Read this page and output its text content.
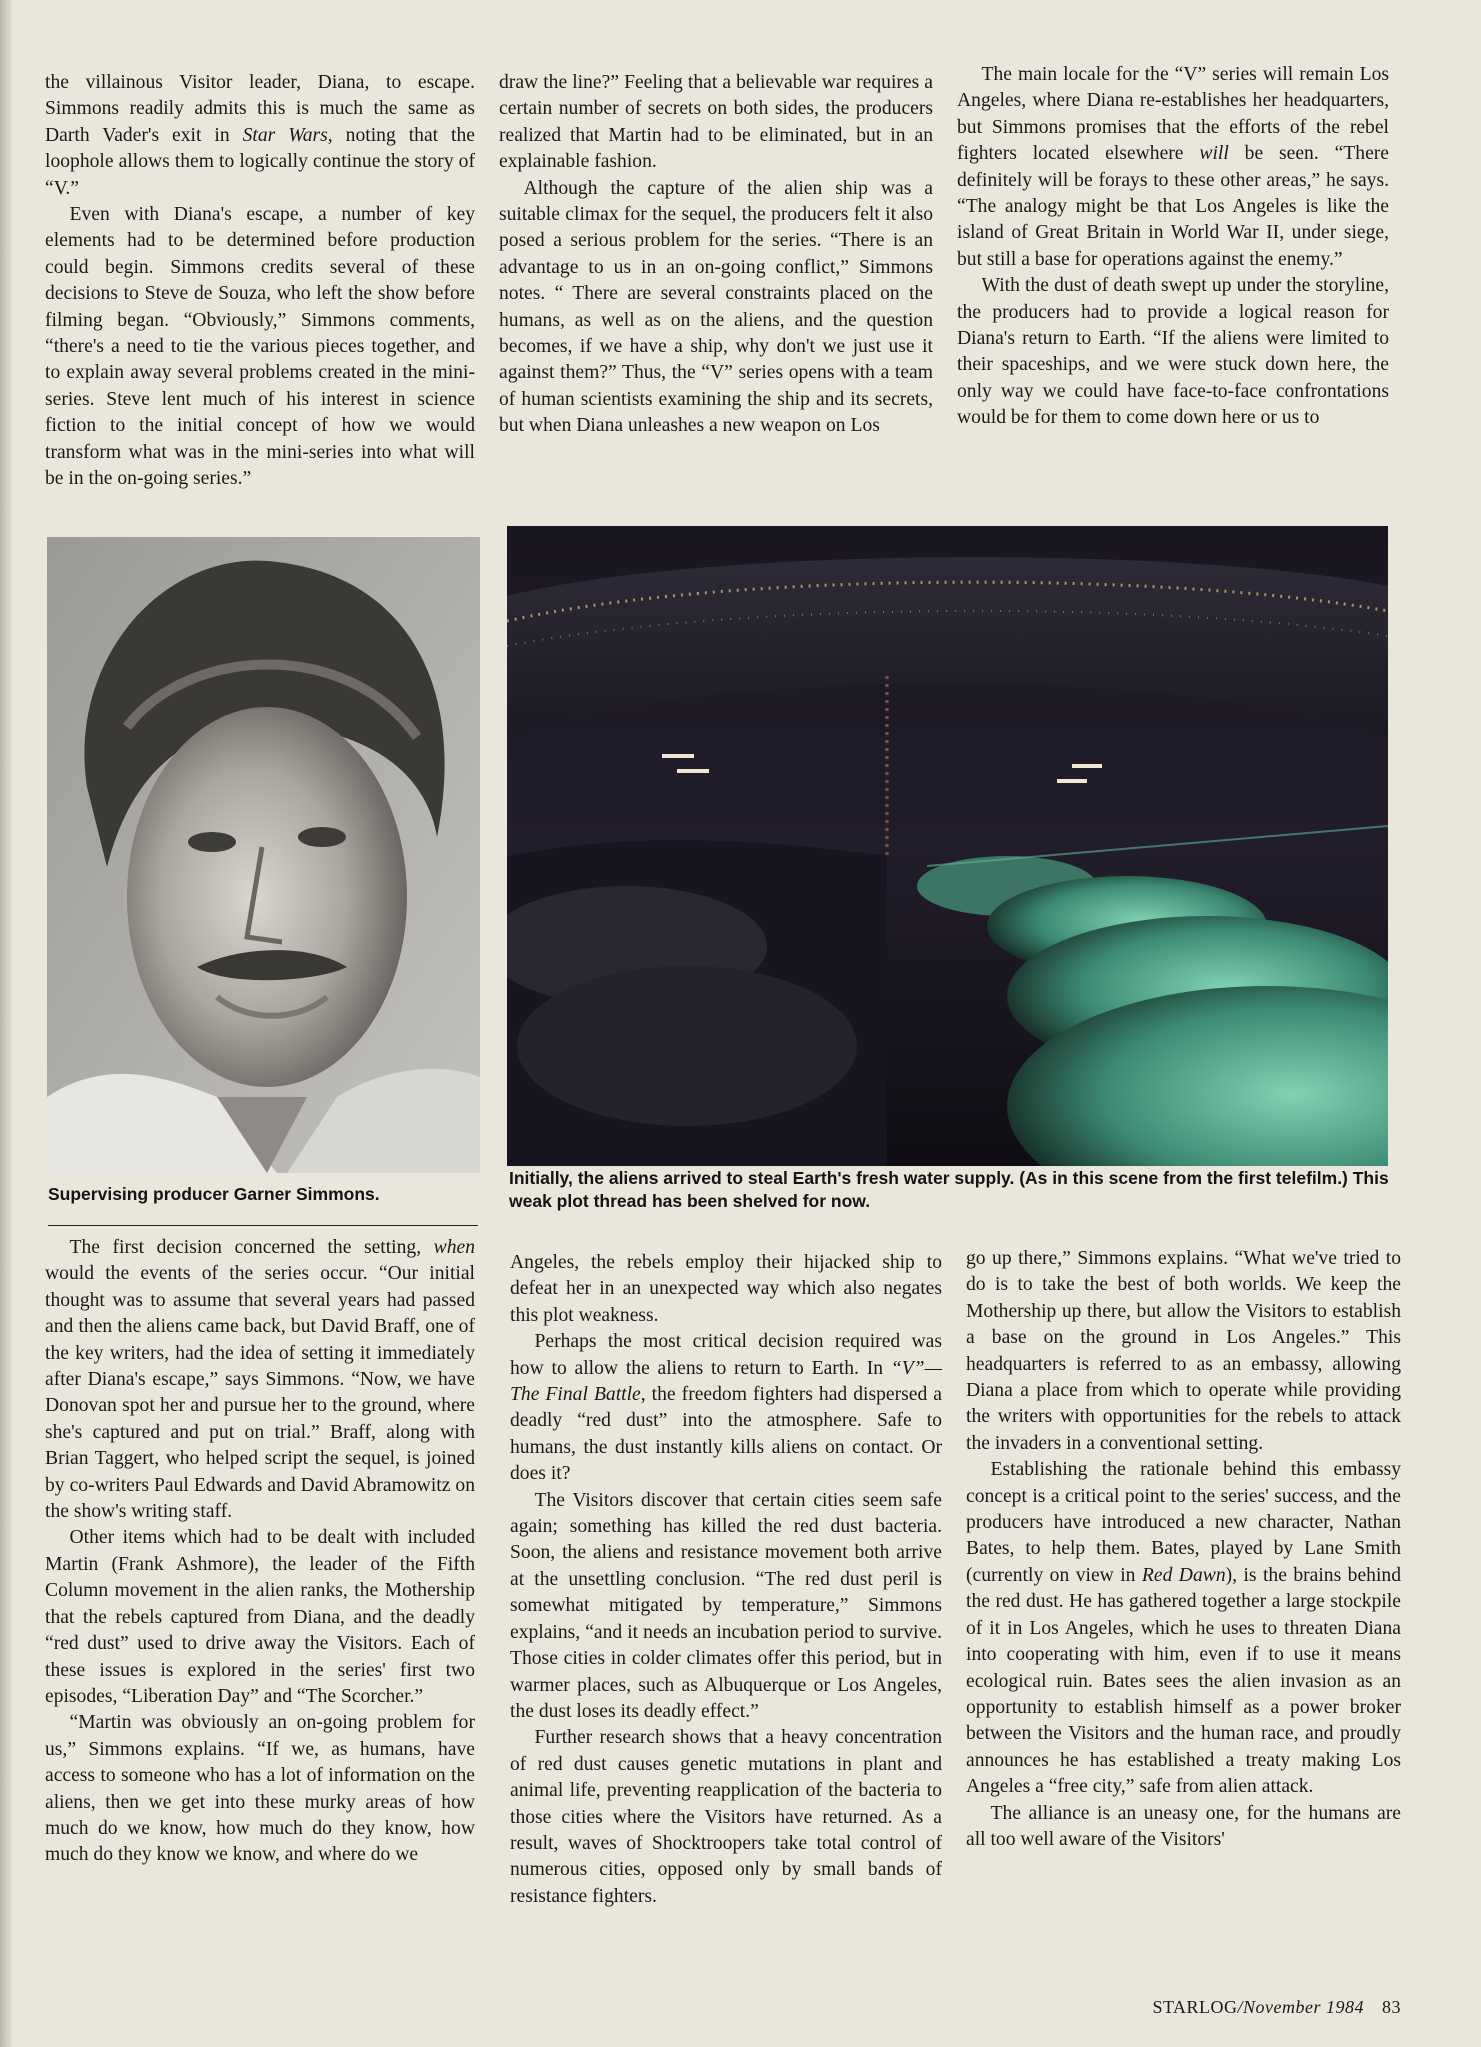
the villainous Visitor leader, Diana, to escape. Simmons readily admits this is much the same as Darth Vader's exit in Star Wars, noting that the loophole allows them to logically continue the story of “V.”

Even with Diana's escape, a number of key elements had to be determined before production could begin. Simmons credits several of these decisions to Steve de Souza, who left the show before filming began. “Obviously,” Simmons comments, “there's a need to tie the various pieces together, and to explain away several problems created in the mini-series. Steve lent much of his interest in science fiction to the initial concept of how we would transform what was in the mini-series into what will be in the on-going series.”

draw the line?” Feeling that a believable war requires a certain number of secrets on both sides, the producers realized that Martin had to be eliminated, but in an explainable fashion.

Although the capture of the alien ship was a suitable climax for the sequel, the producers felt it also posed a serious problem for the series. “There is an advantage to us in an on-going conflict,” Simmons notes. “ There are several constraints placed on the humans, as well as on the aliens, and the question becomes, if we have a ship, why don't we just use it against them?” Thus, the “V” series opens with a team of human scientists examining the ship and its secrets, but when Diana unleashes a new weapon on Los

The main locale for the “V” series will remain Los Angeles, where Diana re-establishes her headquarters, but Simmons promises that the efforts of the rebel fighters located elsewhere will be seen. “There definitely will be forays to these other areas,” he says. “The analogy might be that Los Angeles is like the island of Great Britain in World War II, under siege, but still a base for operations against the enemy.”

With the dust of death swept up under the storyline, the producers had to provide a logical reason for Diana's return to Earth. “If the aliens were limited to their spaceships, and we were stuck down here, the only way we could have face-to-face confrontations would be for them to come down here or us to

Supervising producer Garner Simmons.
Initially, the aliens arrived to steal Earth's fresh water supply. (As in this scene from the first telefilm.) This weak plot thread has been shelved for now.

The first decision concerned the setting, when would the events of the series occur. “Our initial thought was to assume that several years had passed and then the aliens came back, but David Braff, one of the key writers, had the idea of setting it immediately after Diana's escape,” says Simmons. “Now, we have Donovan spot her and pursue her to the ground, where she's captured and put on trial.” Braff, along with Brian Taggert, who helped script the sequel, is joined by co-writers Paul Edwards and David Abramowitz on the show's writing staff.

Other items which had to be dealt with included Martin (Frank Ashmore), the leader of the Fifth Column movement in the alien ranks, the Mothership that the rebels captured from Diana, and the deadly “red dust” used to drive away the Visitors. Each of these issues is explored in the series' first two episodes, “Liberation Day” and “The Scorcher.”

“Martin was obviously an on-going problem for us,” Simmons explains. “If we, as humans, have access to someone who has a lot of information on the aliens, then we get into these murky areas of how much do we know, how much do they know, how much do they know we know, and where do we

Angeles, the rebels employ their hijacked ship to defeat her in an unexpected way which also negates this plot weakness.

Perhaps the most critical decision required was how to allow the aliens to return to Earth. In “V”—The Final Battle, the freedom fighters had dispersed a deadly “red dust” into the atmosphere. Safe to humans, the dust instantly kills aliens on contact. Or does it?

The Visitors discover that certain cities seem safe again; something has killed the red dust bacteria. Soon, the aliens and resistance movement both arrive at the unsettling conclusion. “The red dust peril is somewhat mitigated by temperature,” Simmons explains, “and it needs an incubation period to survive. Those cities in colder climates offer this period, but in warmer places, such as Albuquerque or Los Angeles, the dust loses its deadly effect.”

Further research shows that a heavy concentration of red dust causes genetic mutations in plant and animal life, preventing reapplication of the bacteria to those cities where the Visitors have returned. As a result, waves of Shocktroopers take total control of numerous cities, opposed only by small bands of resistance fighters.

go up there,” Simmons explains. “What we've tried to do is to take the best of both worlds. We keep the Mothership up there, but allow the Visitors to establish a base on the ground in Los Angeles.” This headquarters is referred to as an embassy, allowing Diana a place from which to operate while providing the writers with opportunities for the rebels to attack the invaders in a conventional setting.

Establishing the rationale behind this embassy concept is a critical point to the series' success, and the producers have introduced a new character, Nathan Bates, to help them. Bates, played by Lane Smith (currently on view in Red Dawn), is the brains behind the red dust. He has gathered together a large stockpile of it in Los Angeles, which he uses to threaten Diana into cooperating with him, even if to use it means ecological ruin. Bates sees the alien invasion as an opportunity to establish himself as a power broker between the Visitors and the human race, and proudly announces he has established a treaty making Los Angeles a “free city,” safe from alien attack.

The alliance is an uneasy one, for the humans are all too well aware of the Visitors'

STARLOG/November 1984 83
